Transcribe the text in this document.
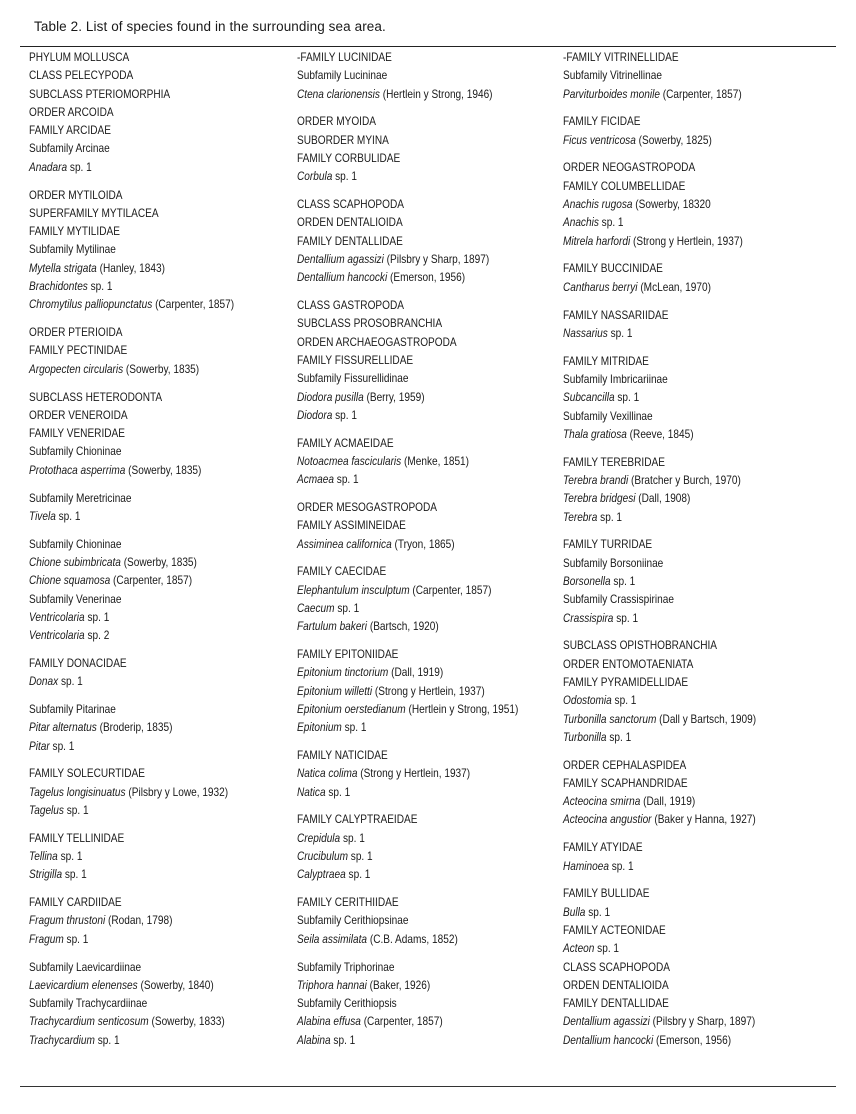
Table 2. List of species found in the surrounding sea area.
PHYLUM MOLLUSCA
CLASS PELECYPODA
SUBCLASS PTERIOMORPHIA
ORDER ARCOIDA
FAMILY ARCIDAE
Subfamily Arcinae
Anadara sp. 1
ORDER MYTILOIDA
SUPERFAMILY MYTILACEA
FAMILY MYTILIDAE
Subfamily Mytilinae
Mytella strigata (Hanley, 1843)
Brachidontes sp. 1
Chromytilus palliopunctatus (Carpenter, 1857)
ORDER PTERIOIDA
FAMILY PECTINIDAE
Argopecten circularis (Sowerby, 1835)
SUBCLASS HETERODONTA
ORDER VENEROIDA
FAMILY VENERIDAE
Subfamily Chioninae
Protothaca asperrima (Sowerby, 1835)
Subfamily Meretricinae
Tivela sp. 1
Subfamily Chioninae
Chione subimbricata (Sowerby, 1835)
Chione squamosa (Carpenter, 1857)
Subfamily Venerinae
Ventricolaria sp. 1
Ventricolaria sp. 2
FAMILY DONACIDAE
Donax sp. 1
Subfamily Pitarinae
Pitar alternatus (Broderip, 1835)
Pitar sp. 1
FAMILY SOLECURTIDAE
Tagelus longisinuatus (Pilsbry y Lowe, 1932)
Tagelus sp. 1
FAMILY TELLINIDAE
Tellina sp. 1
Strigilla sp. 1
FAMILY CARDIIDAE
Fragum thrustoni (Rodan, 1798)
Fragum sp. 1
Subfamily Laevicardiinae
Laevicardium elenenses (Sowerby, 1840)
Subfamily Trachycardiinae
Trachycardium senticosum (Sowerby, 1833)
Trachycardium sp. 1
-FAMILY LUCINIDAE
Subfamily Lucininae
Ctena clarionensis (Hertlein y Strong, 1946)
ORDER MYOIDA
SUBORDER MYINA
FAMILY CORBULIDAE
Corbula sp. 1
CLASS SCAPHOPODA
ORDEN DENTALIOIDA
FAMILY DENTALLIDAE
Dentallium agassizi (Pilsbry y Sharp, 1897)
Dentallium hancocki (Emerson, 1956)
CLASS GASTROPODA
SUBCLASS PROSOBRANCHIA
ORDEN ARCHAEOGASTROPODA
FAMILY FISSURELLIDAE
Subfamily Fissurellidinae
Diodora pusilla (Berry, 1959)
Diodora sp. 1
FAMILY ACMAEIDAE
Notoacmea fascicularis (Menke, 1851)
Acmaea sp. 1
ORDER MESOGASTROPODA
FAMILY ASSIMINEIDAE
Assiminea californica (Tryon, 1865)
FAMILY CAECIDAE
Elephantulum insculptum (Carpenter, 1857)
Caecum sp. 1
Fartulum bakeri (Bartsch, 1920)
FAMILY EPITONIIDAE
Epitonium tinctorium (Dall, 1919)
Epitonium willetti (Strong y Hertlein, 1937)
Epitonium oerstedianum (Hertlein y Strong, 1951)
Epitonium sp. 1
FAMILY NATICIDAE
Natica colima (Strong y Hertlein, 1937)
Natica sp. 1
FAMILY CALYPTRAEIDAE
Crepidula sp. 1
Crucibulum sp. 1
Calyptraea sp. 1
FAMILY CERITHIIDAE
Subfamily Cerithiopsinae
Seila assimilata (C.B. Adams, 1852)
Subfamily Triphorinae
Triphora hannai (Baker, 1926)
Subfamily Cerithiopsis
Alabina effusa (Carpenter, 1857)
Alabina sp. 1
-FAMILY VITRINELLIDAE
Subfamily Vitrinellinae
Parviturboides monile (Carpenter, 1857)
FAMILY FICIDAE
Ficus ventricosa (Sowerby, 1825)
ORDER NEOGASTROPODA
FAMILY COLUMBELLIDAE
Anachis rugosa (Sowerby, 18320
Anachis sp. 1
Mitrela harfordi (Strong y Hertlein, 1937)
FAMILY BUCCINIDAE
Cantharus berryi (McLean, 1970)
FAMILY NASSARIIDAE
Nassarius sp. 1
FAMILY MITRIDAE
Subfamily Imbricariinae
Subcancilla sp. 1
Subfamily Vexillinae
Thala gratiosa (Reeve, 1845)
FAMILY TEREBRIDAE
Terebra brandi (Bratcher y Burch, 1970)
Terebra bridgesi (Dall, 1908)
Terebra sp. 1
FAMILY TURRIDAE
Subfamily Borsoniinae
Borsonella sp. 1
Subfamily Crassispirinae
Crassispira sp. 1
SUBCLASS OPISTHOBRANCHIA
ORDER ENTOMOTAENIATA
FAMILY PYRAMIDELLIDAE
Odostomia sp. 1
Turbonilla sanctorum (Dall y Bartsch, 1909)
Turbonilla sp. 1
ORDER CEPHALASPIDEA
FAMILY SCAPHANDRIDAE
Acteocina smirna (Dall, 1919)
Acteocina angustior (Baker y Hanna, 1927)
FAMILY ATYIDAE
Haminoea sp. 1
FAMILY BULLIDAE
Bulla sp. 1
FAMILY ACTEONIDAE
Acteon sp. 1
CLASS SCAPHOPODA
ORDEN DENTALIOIDA
FAMILY DENTALLIDAE
Dentallium agassizi (Pilsbry y Sharp, 1897)
Dentallium hancocki (Emerson, 1956)
